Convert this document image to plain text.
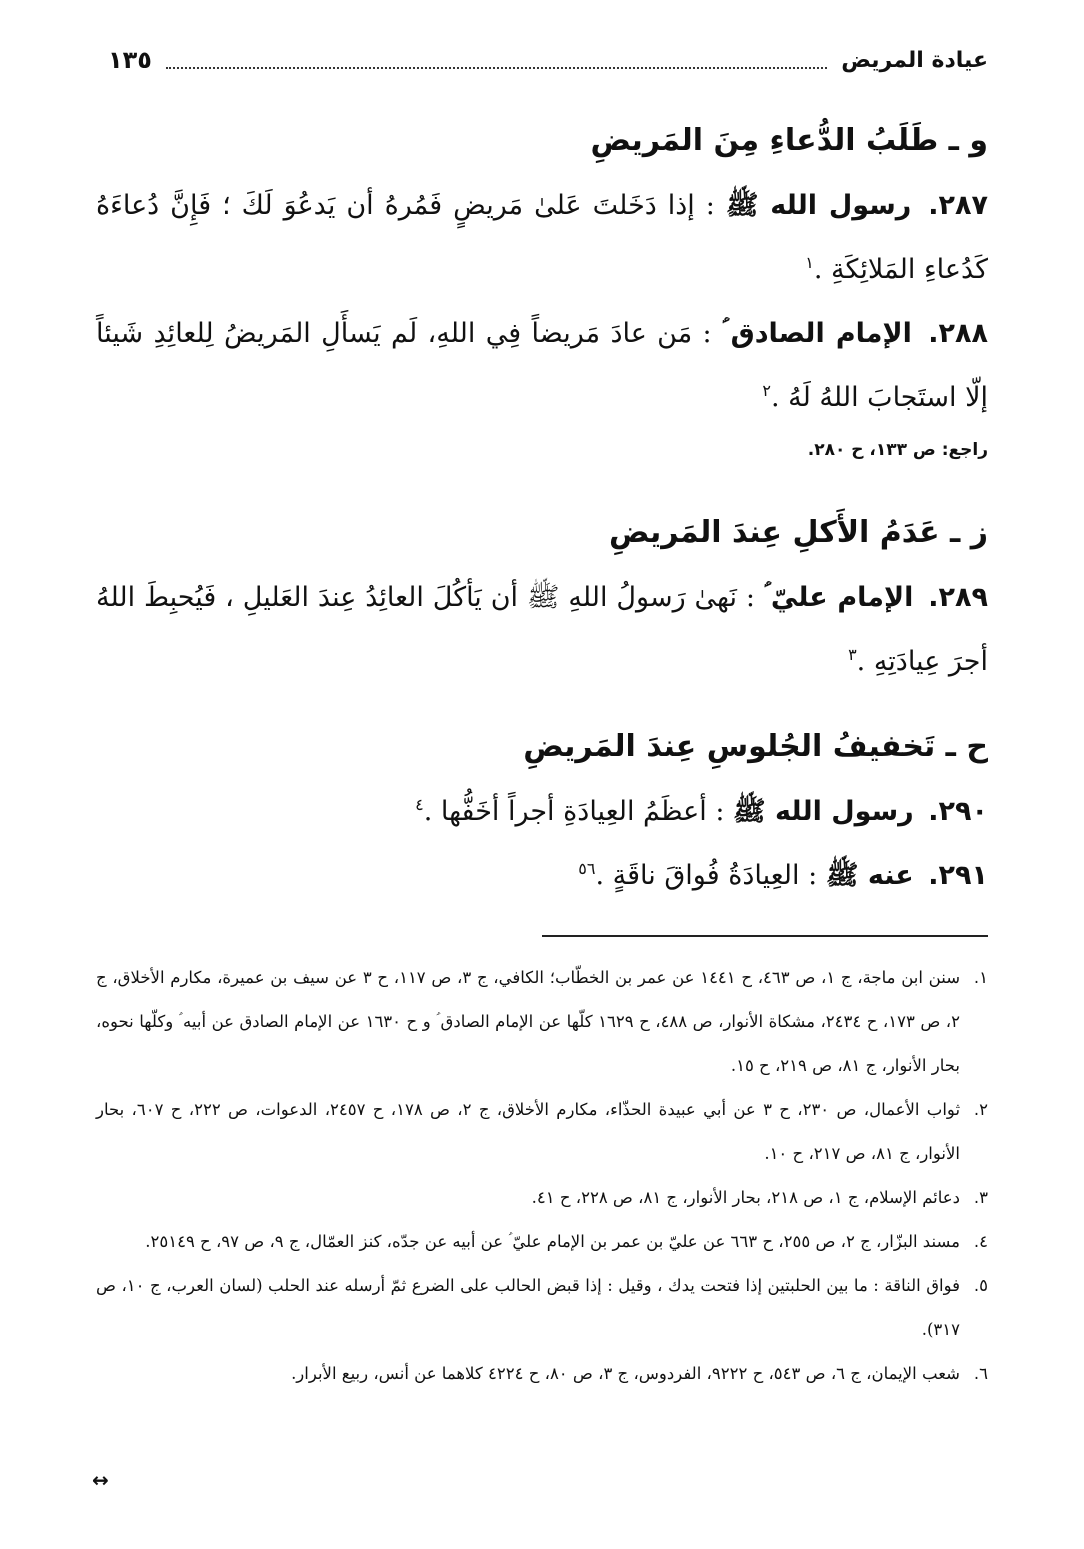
عيادة المريض
١٣٥
و ـ طَلَبُ الدُّعاءِ مِنَ المَريضِ

٢٨٧. رسول الله ﷺ : إذا دَخَلتَ عَلىٰ مَريضٍ فَمُرهُ أن يَدعُوَ لَكَ ؛ فَإِنَّ دُعاءَهُ كَدُعاءِ المَلائِكَةِ .$^١$

٢٨٨. الإمام الصادق ؑ : مَن عادَ مَريضاً فِي اللهِ، لَم يَسأَلِ المَريضُ لِلعائِدِ شَيئاً إلّا استَجابَ اللهُ لَهُ .$^٢$

راجع: ص ١٣٣، ح ٢٨٠.

ز ـ عَدَمُ الأَكلِ عِندَ المَريضِ

٢٨٩. الإمام عليّ ؑ : نَهىٰ رَسولُ اللهِ ﷺ أن يَأكُلَ العائِدُ عِندَ العَليلِ ، فَيُحبِطَ اللهُ أجرَ عِيادَتِهِ .$^٣$

ح ـ تَخفيفُ الجُلوسِ عِندَ المَريضِ

٢٩٠. رسول الله ﷺ : أعظَمُ العِيادَةِ أجراً أخَفُّها .$^٤$

٢٩١. عنه ﷺ : العِيادَةُ فُواقَ ناقَةٍ .$^{٥٦}$

١.سنن ابن ماجة، ج ١، ص ٤٦٣، ح ١٤٤١ عن عمر بن الخطّاب؛ الكافي، ج ٣، ص ١١٧، ح ٣ عن سيف بن عميرة، مكارم الأخلاق، ج ٢، ص ١٧٣، ح ٢٤٣٤، مشكاة الأنوار، ص ٤٨٨، ح ١٦٢٩ كلّها عن الإمام الصادق ؑ و ح ١٦٣٠ عن الإمام الصادق عن أبيه ؑ وكلّها نحوه، بحار الأنوار، ج ٨١، ص ٢١٩، ح ١٥.

٢.ثواب الأعمال، ص ٢٣٠، ح ٣ عن أبي عبيدة الحذّاء، مكارم الأخلاق، ج ٢، ص ١٧٨، ح ٢٤٥٧، الدعوات، ص ٢٢٢، ح ٦٠٧، بحار الأنوار، ج ٨١، ص ٢١٧، ح ١٠.

٣.دعائم الإسلام، ج ١، ص ٢١٨، بحار الأنوار، ج ٨١، ص ٢٢٨، ح ٤١.

٤.مسند البزّار، ج ٢، ص ٢٥٥، ح ٦٦٣ عن عليّ بن عمر بن الإمام عليّ ؑ عن أبيه عن جدّه، كنز العمّال، ج ٩، ص ٩٧، ح ٢٥١٤٩.

٥.فواق الناقة : ما بين الحلبتين إذا فتحت يدك ، وقيل : إذا قبض الحالب على الضرع ثمّ أرسله عند الحلب (لسان العرب، ج ١٠، ص ٣١٧).

٦.شعب الإيمان، ج ٦، ص ٥٤٣، ح ٩٢٢٢، الفردوس، ج ٣، ص ٨٠، ح ٤٢٢٤ كلاهما عن أنس، ربيع الأبرار.

↔
